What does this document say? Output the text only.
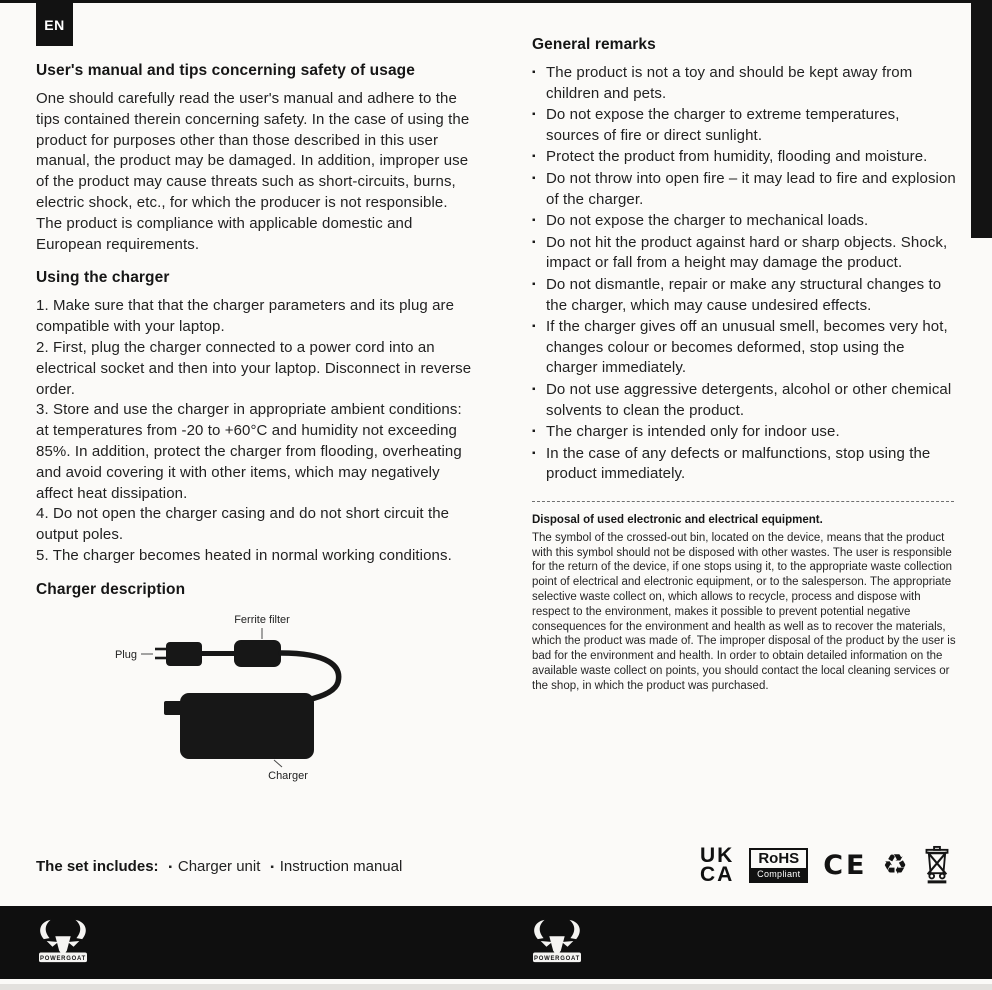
EN
User's manual and tips concerning safety of usage

One should carefully read the user's manual and adhere to the tips contained therein concerning safety. In the case of using the product for purposes other than those described in this user manual, the product may be damaged. In addition, improper use of the product may cause threats such as short-circuits, burns, electric shock, etc., for which the producer is not responsible. The product is compliance with applicable domestic and European requirements.

Using the charger

1. Make sure that that the charger parameters and its plug are compatible with your laptop.

2. First, plug the charger connected to a power cord into an electrical socket and then into your laptop. Disconnect in reverse order.

3. Store and use the charger in appropriate ambient conditions: at temperatures from -20 to +60°C and humidity not exceeding 85%. In addition, protect the charger from flooding, overheating and avoid covering it with other items, which may negatively affect heat dissipation.

4. Do not open the charger casing and do not short circuit the output poles.

5. The charger becomes heated in normal working conditions.

Charger description
Ferrite filter
Plug
Charger
General remarks
▪ The product is not a toy and should be kept away from children and pets.
▪ Do not expose the charger to extreme temperatures, sources of fire or direct sunlight.
▪ Protect the product from humidity, flooding and moisture.
▪ Do not throw into open fire – it may lead to fire and explosion of the charger.
▪ Do not expose the charger to mechanical loads.
▪ Do not hit the product against hard or sharp objects. Shock, impact or fall from a height may damage the product.
▪ Do not dismantle, repair or make any structural changes to the charger, which may cause undesired effects.
▪ If the charger gives off an unusual smell, becomes very hot, changes colour or becomes deformed, stop using the charger immediately.
▪ Do not use aggressive detergents, alcohol or other chemical solvents to clean the product.
▪ The charger is intended only for indoor use.
▪ In the case of any defects or malfunctions, stop using the product immediately.
Disposal of used electronic and electrical equipment.

The symbol of the crossed-out bin, located on the device, means that the product with this symbol should not be disposed with other wastes. The user is responsible for the return of the device, if one stops using it, to the appropriate waste collection point of electrical and electronic equipment, or to the salesperson. The appropriate selective waste collect on, which allows to recycle, process and dispose with respect to the environment, makes it possible to prevent potential negative consequences for the environment and health as well as to recover the materials, which the product was made of. The improper disposal of the product by the user is bad for the environment and health. In order to obtain detailed information on the available waste collect on points, you should contact the local cleaning services or the shop, in which the product was purchased.

The set includes: ▪ Charger unit ▪ Instruction manual	UK
CA
RoHS
Compliant CE ♻
POWERGOAT	POWERGOAT
